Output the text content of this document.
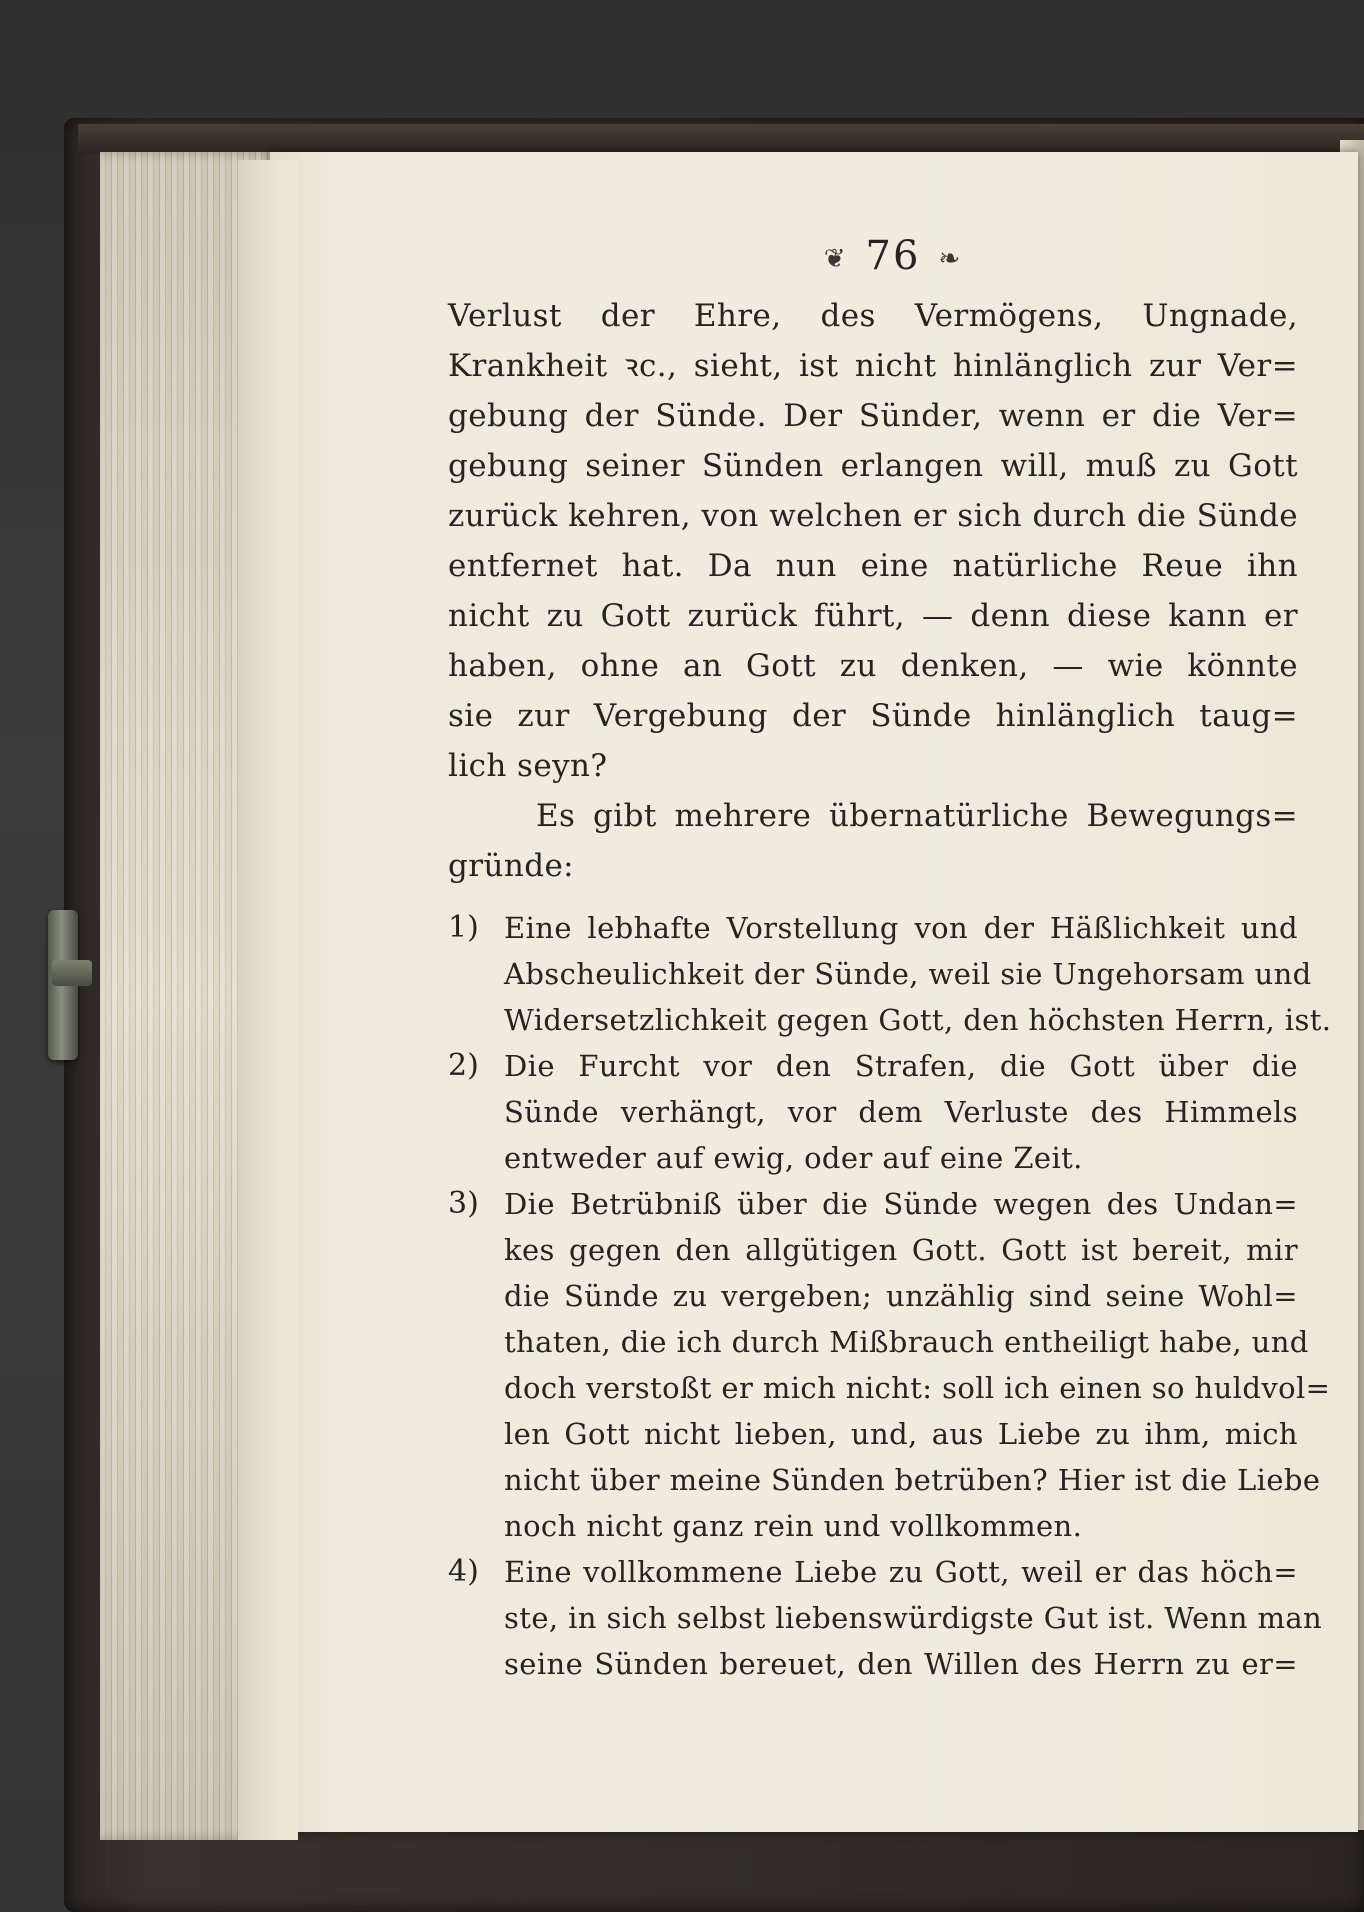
❦ 76 ❧
Verlust der Ehre, des Vermögens, Ungnade,
Krankheit ꝛc., sieht, ist nicht hinlänglich zur Ver=
gebung der Sünde. Der Sünder, wenn er die Ver=
gebung seiner Sünden erlangen will, muß zu Gott
zurück kehren, von welchen er sich durch die Sünde
entfernet hat. Da nun eine natürliche Reue ihn
nicht zu Gott zurück führt, — denn diese kann er
haben, ohne an Gott zu denken, — wie könnte
sie zur Vergebung der Sünde hinlänglich taug=
lich seyn?
Es gibt mehrere übernatürliche Bewegungs=
gründe:
1) Eine lebhafte Vorstellung von der Häßlichkeit und
Abscheulichkeit der Sünde, weil sie Ungehorsam und
Widersetzlichkeit gegen Gott, den höchsten Herrn, ist.
2) Die Furcht vor den Strafen, die Gott über die
Sünde verhängt, vor dem Verluste des Himmels
entweder auf ewig, oder auf eine Zeit.
3) Die Betrübniß über die Sünde wegen des Undan=
kes gegen den allgütigen Gott. Gott ist bereit, mir
die Sünde zu vergeben; unzählig sind seine Wohl=
thaten, die ich durch Mißbrauch entheiligt habe, und
doch verstoßt er mich nicht: soll ich einen so huldvol=
len Gott nicht lieben, und, aus Liebe zu ihm, mich
nicht über meine Sünden betrüben? Hier ist die Liebe
noch nicht ganz rein und vollkommen.
4) Eine vollkommene Liebe zu Gott, weil er das höch=
ste, in sich selbst liebenswürdigste Gut ist. Wenn man
seine Sünden bereuet, den Willen des Herrn zu er=
